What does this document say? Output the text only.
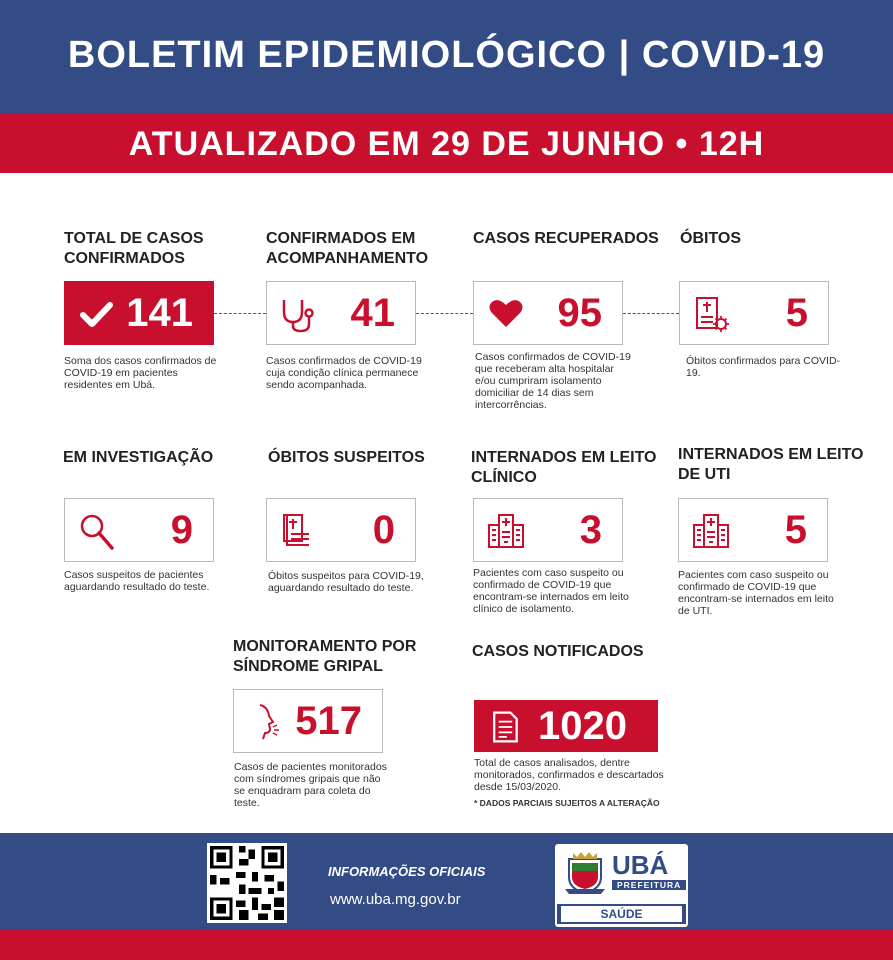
BOLETIM EPIDEMIOLÓGICO | COVID-19
ATUALIZADO EM 29 DE JUNHO • 12H
TOTAL DE CASOS CONFIRMADOS
141
Soma dos casos confirmados de COVID-19 em pacientes residentes em Ubá.
CONFIRMADOS EM ACOMPANHAMENTO
41
Casos confirmados de COVID-19 cuja condição clínica permanece sendo acompanhada.
CASOS RECUPERADOS
95
Casos confirmados de COVID-19 que receberam alta hospitalar e/ou cumpriram isolamento domiciliar de 14 dias sem intercorrências.
ÓBITOS
5
Óbitos confirmados para COVID-19.
EM INVESTIGAÇÃO
9
Casos suspeitos de pacientes aguardando resultado do teste.
ÓBITOS SUSPEITOS
0
Óbitos suspeitos para COVID-19, aguardando resultado do teste.
INTERNADOS EM LEITO CLÍNICO
3
Pacientes com caso suspeito ou confirmado de COVID-19 que encontram-se internados em leito clínico de isolamento.
INTERNADOS EM LEITO DE UTI
5
Pacientes com caso suspeito ou confirmado de COVID-19 que encontram-se internados em leito de UTI.
MONITORAMENTO POR SÍNDROME GRIPAL
517
Casos de pacientes monitorados com síndromes gripais que não se enquadram para coleta do teste.
CASOS NOTIFICADOS
1020
Total de casos analisados, dentre monitorados, confirmados e descartados desde 15/03/2020.
* DADOS PARCIAIS SUJEITOS A ALTERAÇÃO
INFORMAÇÕES OFICIAIS
www.uba.mg.gov.br
UBÁ
PREFEITURA
SAÚDE
